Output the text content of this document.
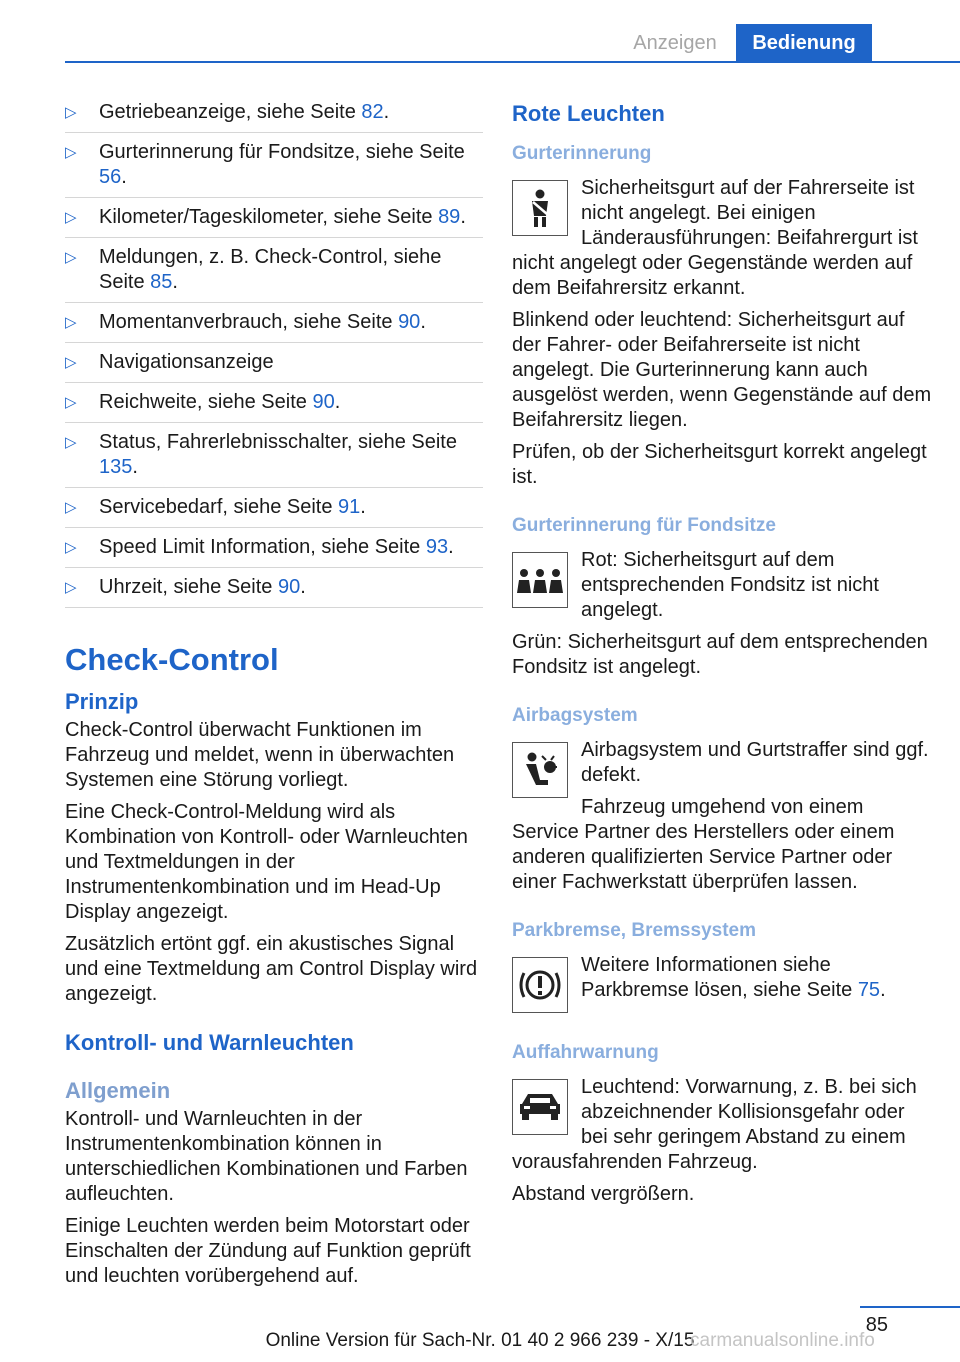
Anzeigen	Bedienung
▷ Getriebeanzeige, siehe Seite 82.
▷ Gurterinnerung für Fondsitze, siehe Seite 56.
▷ Kilometer/Tageskilometer, siehe Seite 89.
▷ Meldungen, z. B. Check-Control, siehe Seite 85.
▷ Momentanverbrauch, siehe Seite 90.
▷ Navigationsanzeige
▷ Reichweite, siehe Seite 90.
▷ Status, Fahrerlebnisschalter, siehe Seite 135.
▷ Servicebedarf, siehe Seite 91.
▷ Speed Limit Information, siehe Seite 93.
▷ Uhrzeit, siehe Seite 90.
Check-Control
Prinzip

Check-Control überwacht Funktionen im Fahrzeug und meldet, wenn in überwachten Systemen eine Störung vorliegt.

Eine Check-Control-Meldung wird als Kombination von Kontroll- oder Warnleuchten und Textmeldungen in der Instrumentenkombination und im Head-Up Display angezeigt.

Zusätzlich ertönt ggf. ein akustisches Signal und eine Textmeldung am Control Display wird angezeigt.

Kontroll- und Warnleuchten
Allgemein

Kontroll- und Warnleuchten in der Instrumentenkombination können in unterschiedlichen Kombinationen und Farben aufleuchten.

Einige Leuchten werden beim Motorstart oder Einschalten der Zündung auf Funktion geprüft und leuchten vorübergehend auf.

Rote Leuchten
Gurterinnerung

Sicherheitsgurt auf der Fahrerseite ist nicht angelegt. Bei einigen Länderausführungen: Beifahrergurt ist nicht angelegt oder Gegenstände werden auf dem Beifahrersitz erkannt.

Blinkend oder leuchtend: Sicherheitsgurt auf der Fahrer- oder Beifahrerseite ist nicht angelegt. Die Gurterinnerung kann auch ausgelöst werden, wenn Gegenstände auf dem Beifahrersitz liegen.

Prüfen, ob der Sicherheitsgurt korrekt angelegt ist.

Gurterinnerung für Fondsitze

Rot: Sicherheitsgurt auf dem entsprechenden Fondsitz ist nicht angelegt.

Grün: Sicherheitsgurt auf dem entsprechenden Fondsitz ist angelegt.

Airbagsystem

Airbagsystem und Gurtstraffer sind ggf. defekt.

Fahrzeug umgehend von einem Service Partner des Herstellers oder einem anderen qualifizierten Service Partner oder einer Fachwerkstatt überprüfen lassen.

Parkbremse, Bremssystem

Weitere Informationen siehe Parkbremse lösen, siehe Seite 75.

Auffahrwarnung

Leuchtend: Vorwarnung, z. B. bei sich abzeichnender Kollisionsgefahr oder bei sehr geringem Abstand zu einem vorausfahrenden Fahrzeug.

Abstand vergrößern.

85
Online Version für Sach-Nr. 01 40 2 966 239 - X/15
carmanualsonline.info
